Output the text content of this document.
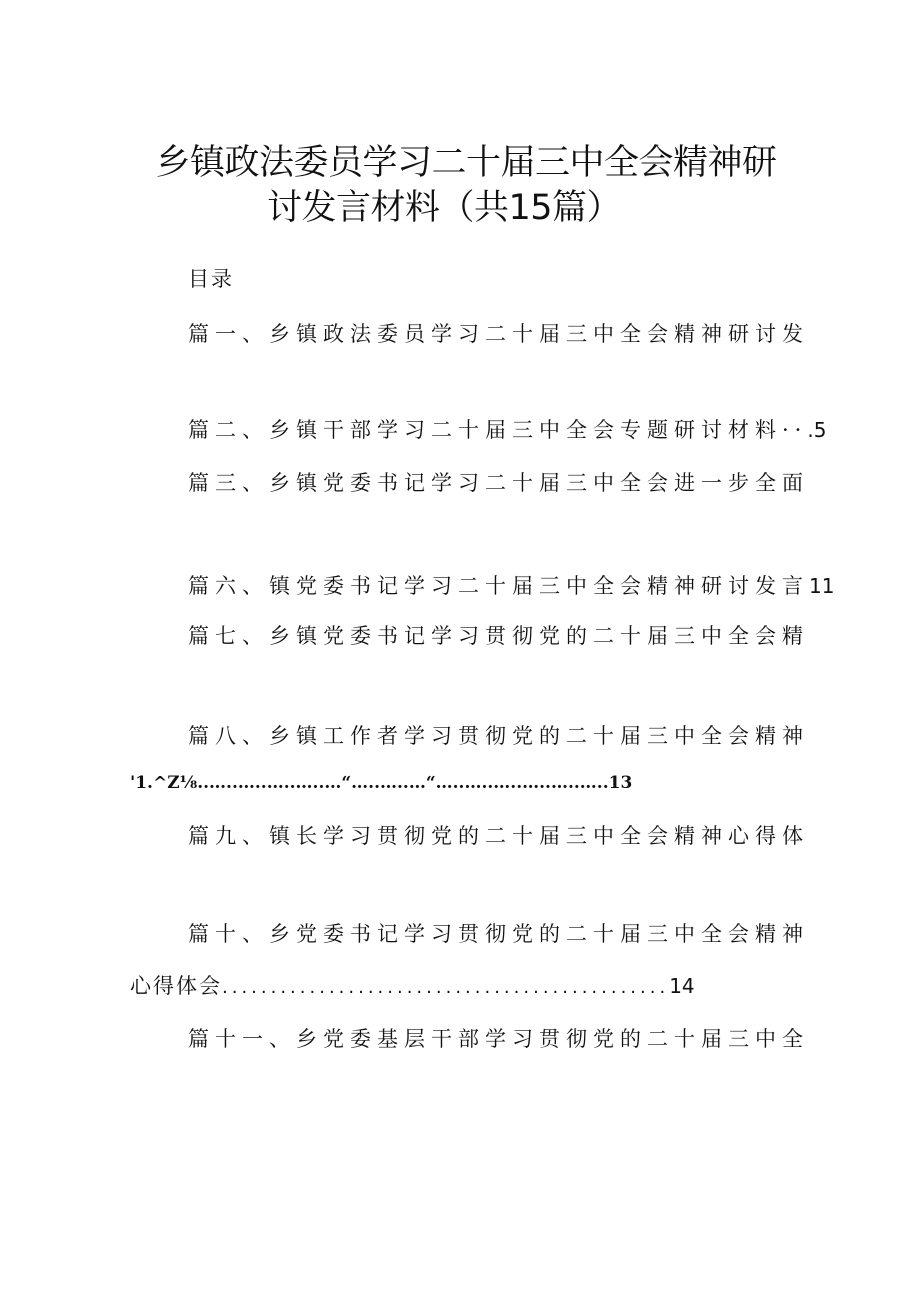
乡镇政法委员学习二十届三中全会精神研
讨发言材料（共15篇）
目录
篇一、乡镇政法委员学习二十届三中全会精神研讨发
篇二、乡镇干部学习二十届三中全会专题研讨材料··.5
篇三、乡镇党委书记学习二十届三中全会进一步全面
篇六、镇党委书记学习二十届三中全会精神研讨发言11
篇七、乡镇党委书记学习贯彻党的二十届三中全会精
篇八、乡镇工作者学习贯彻党的二十届三中全会精神
'1.^Z⅛..…..…..…..…..…“…..…..…“…..…..…..…..…..…..13
篇九、镇长学习贯彻党的二十届三中全会精神心得体
篇十、乡党委书记学习贯彻党的二十届三中全会精神
心得体会..............................................14
篇十一、乡党委基层干部学习贯彻党的二十届三中全
